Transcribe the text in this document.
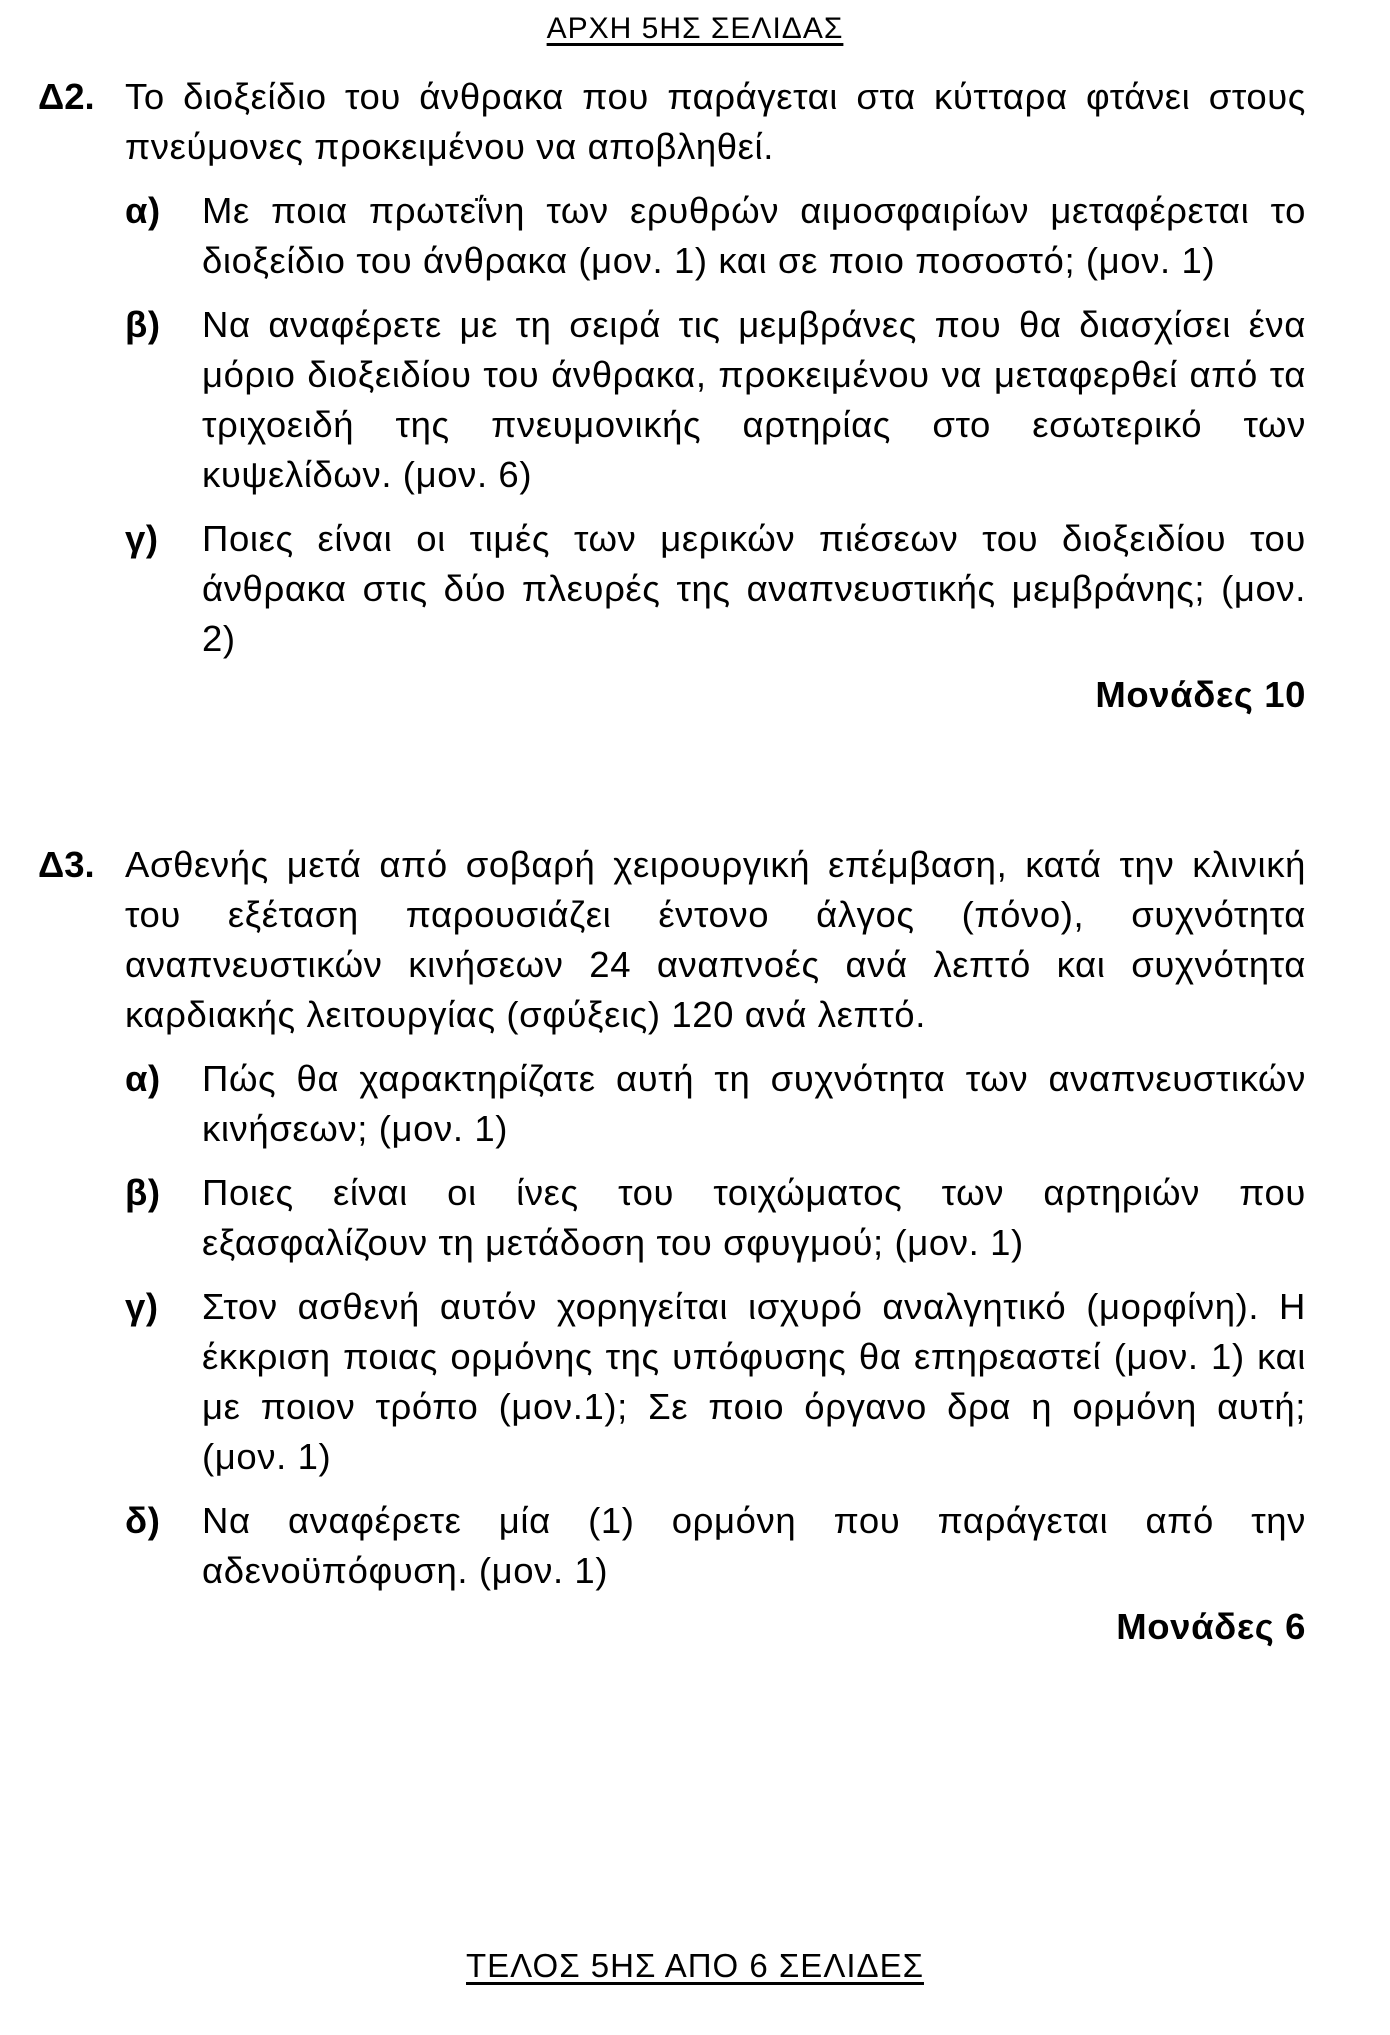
ΑΡΧΗ 5ΗΣ ΣΕΛΙΔΑΣ
Δ2. Το διοξείδιο του άνθρακα που παράγεται στα κύτταρα φτάνει στους πνεύμονες προκειμένου να αποβληθεί.
α)	Με ποια πρωτεΐνη των ερυθρών αιμοσφαιρίων μεταφέρεται το διοξείδιο του άνθρακα (μον. 1) και σε ποιο ποσοστό; (μον. 1)
β)	Να αναφέρετε με τη σειρά τις μεμβράνες που θα διασχίσει ένα μόριο διοξειδίου του άνθρακα, προκειμένου να μεταφερθεί από τα τριχοειδή της πνευμονικής αρτηρίας στο εσωτερικό των κυψελίδων. (μον. 6)
γ)	Ποιες είναι οι τιμές των μερικών πιέσεων του διοξειδίου του άνθρακα στις δύο πλευρές της αναπνευστικής μεμβράνης; (μον. 2)
Μονάδες 10
Δ3. Ασθενής μετά από σοβαρή χειρουργική επέμβαση, κατά την κλινική του εξέταση παρουσιάζει έντονο άλγος (πόνο), συχνότητα αναπνευστικών κινήσεων 24 αναπνοές ανά λεπτό και συχνότητα καρδιακής λειτουργίας (σφύξεις) 120 ανά λεπτό.
α)	Πώς θα χαρακτηρίζατε αυτή τη συχνότητα των αναπνευστικών κινήσεων; (μον. 1)
β)	Ποιες είναι οι ίνες του τοιχώματος των αρτηριών που εξασφαλίζουν τη μετάδοση του σφυγμού; (μον. 1)
γ)	Στον ασθενή αυτόν χορηγείται ισχυρό αναλγητικό (μορφίνη). Η έκκριση ποιας ορμόνης της υπόφυσης θα επηρεαστεί (μον. 1) και με ποιον τρόπο (μον.1); Σε ποιο όργανο δρα η ορμόνη αυτή; (μον. 1)
δ)	Να αναφέρετε μία (1) ορμόνη που παράγεται από την αδενοϋπόφυση. (μον. 1)
Μονάδες 6
ΤΕΛΟΣ 5ΗΣ ΑΠΟ 6 ΣΕΛΙΔΕΣ
